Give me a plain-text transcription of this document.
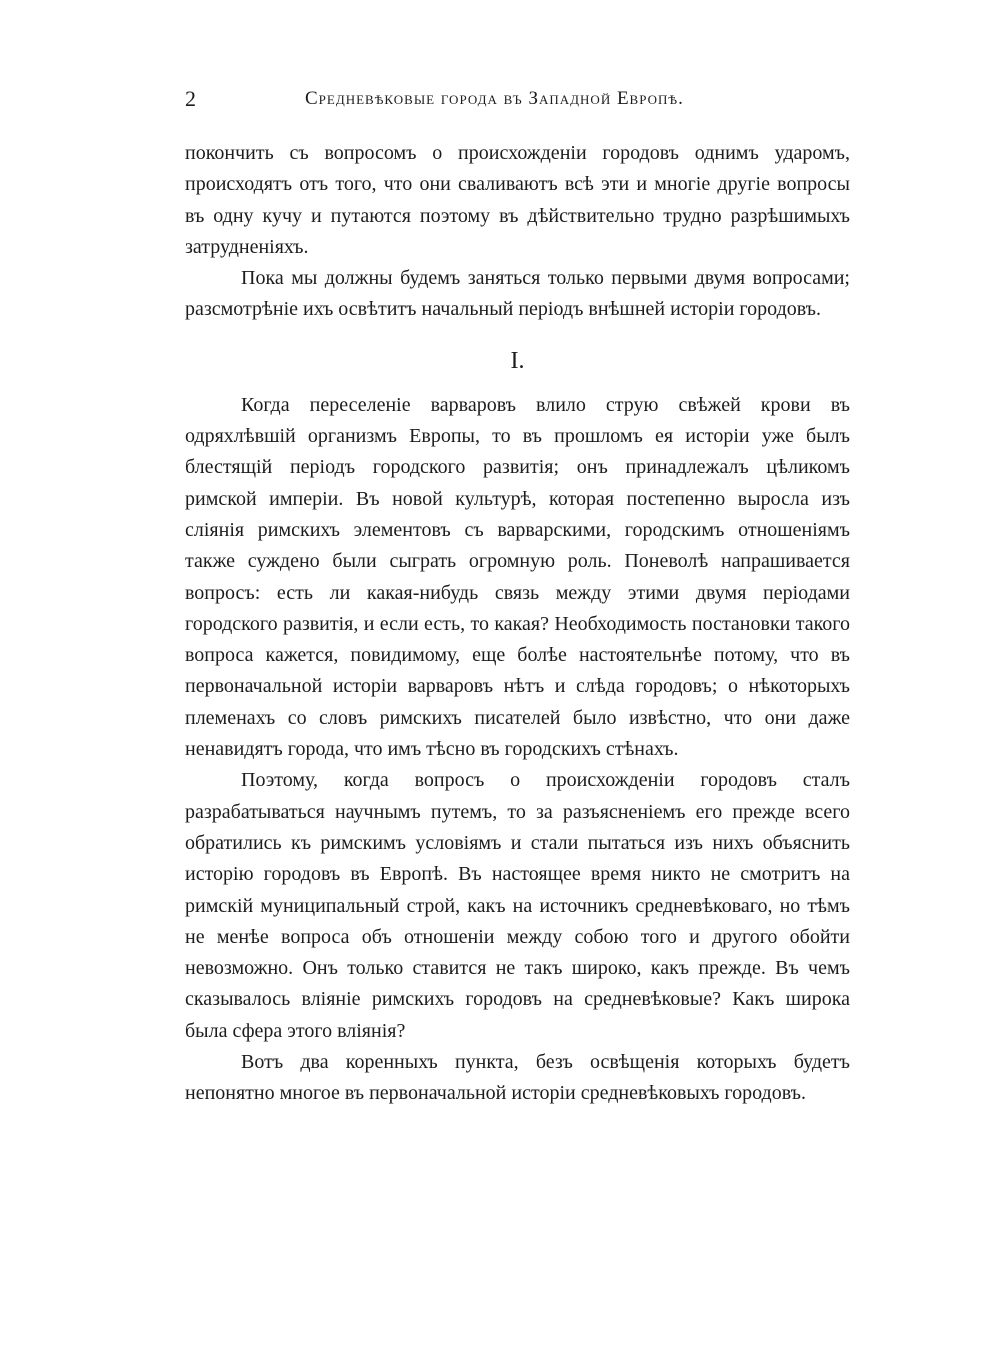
2	Средневѣковые города въ Западной Европѣ.

покончить съ вопросомъ о происхожденіи городовъ однимъ ударомъ, происходятъ отъ того, что они сваливаютъ всѣ эти и многіе другіе вопросы въ одну кучу и путаются поэтому въ дѣйствительно трудно разрѣшимыхъ затрудненіяхъ.

Пока мы должны будемъ заняться только первыми двумя вопросами; разсмотрѣніе ихъ освѣтитъ начальный періодъ внѣшней исторіи городовъ.

I.

Когда переселеніе варваровъ влило струю свѣжей крови въ одряхлѣвшій организмъ Европы, то въ прошломъ ея исторіи уже былъ блестящій періодъ городского развитія; онъ принадлежалъ цѣликомъ римской имперіи. Въ новой культурѣ, которая постепенно выросла изъ сліянія римскихъ элементовъ съ варварскими, городскимъ отношеніямъ также суждено были сыграть огромную роль. Поневолѣ напрашивается вопросъ: есть ли какая-нибудь связь между этими двумя періодами городского развитія, и если есть, то какая? Необходимость постановки такого вопроса кажется, повидимому, еще болѣе настоятельнѣе потому, что въ первоначальной исторіи варваровъ нѣтъ и слѣда городовъ; о нѣкоторыхъ племенахъ со словъ римскихъ писателей было извѣстно, что они даже ненавидятъ города, что имъ тѣсно въ городскихъ стѣнахъ.

Поэтому, когда вопросъ о происхожденіи городовъ сталъ разрабатываться научнымъ путемъ, то за разъясненіемъ его прежде всего обратились къ римскимъ условіямъ и стали пытаться изъ нихъ объяснить исторію городовъ въ Европѣ. Въ настоящее время никто не смотритъ на римскій муниципальный строй, какъ на источникъ средневѣковаго, но тѣмъ не менѣе вопроса объ отношеніи между собою того и другого обойти невозможно. Онъ только ставится не такъ широко, какъ прежде. Въ чемъ сказывалось вліяніе римскихъ городовъ на средневѣковые? Какъ широка была сфера этого вліянія?

Вотъ два коренныхъ пункта, безъ освѣщенія которыхъ будетъ непонятно многое въ первоначальной исторіи средневѣковыхъ городовъ.
